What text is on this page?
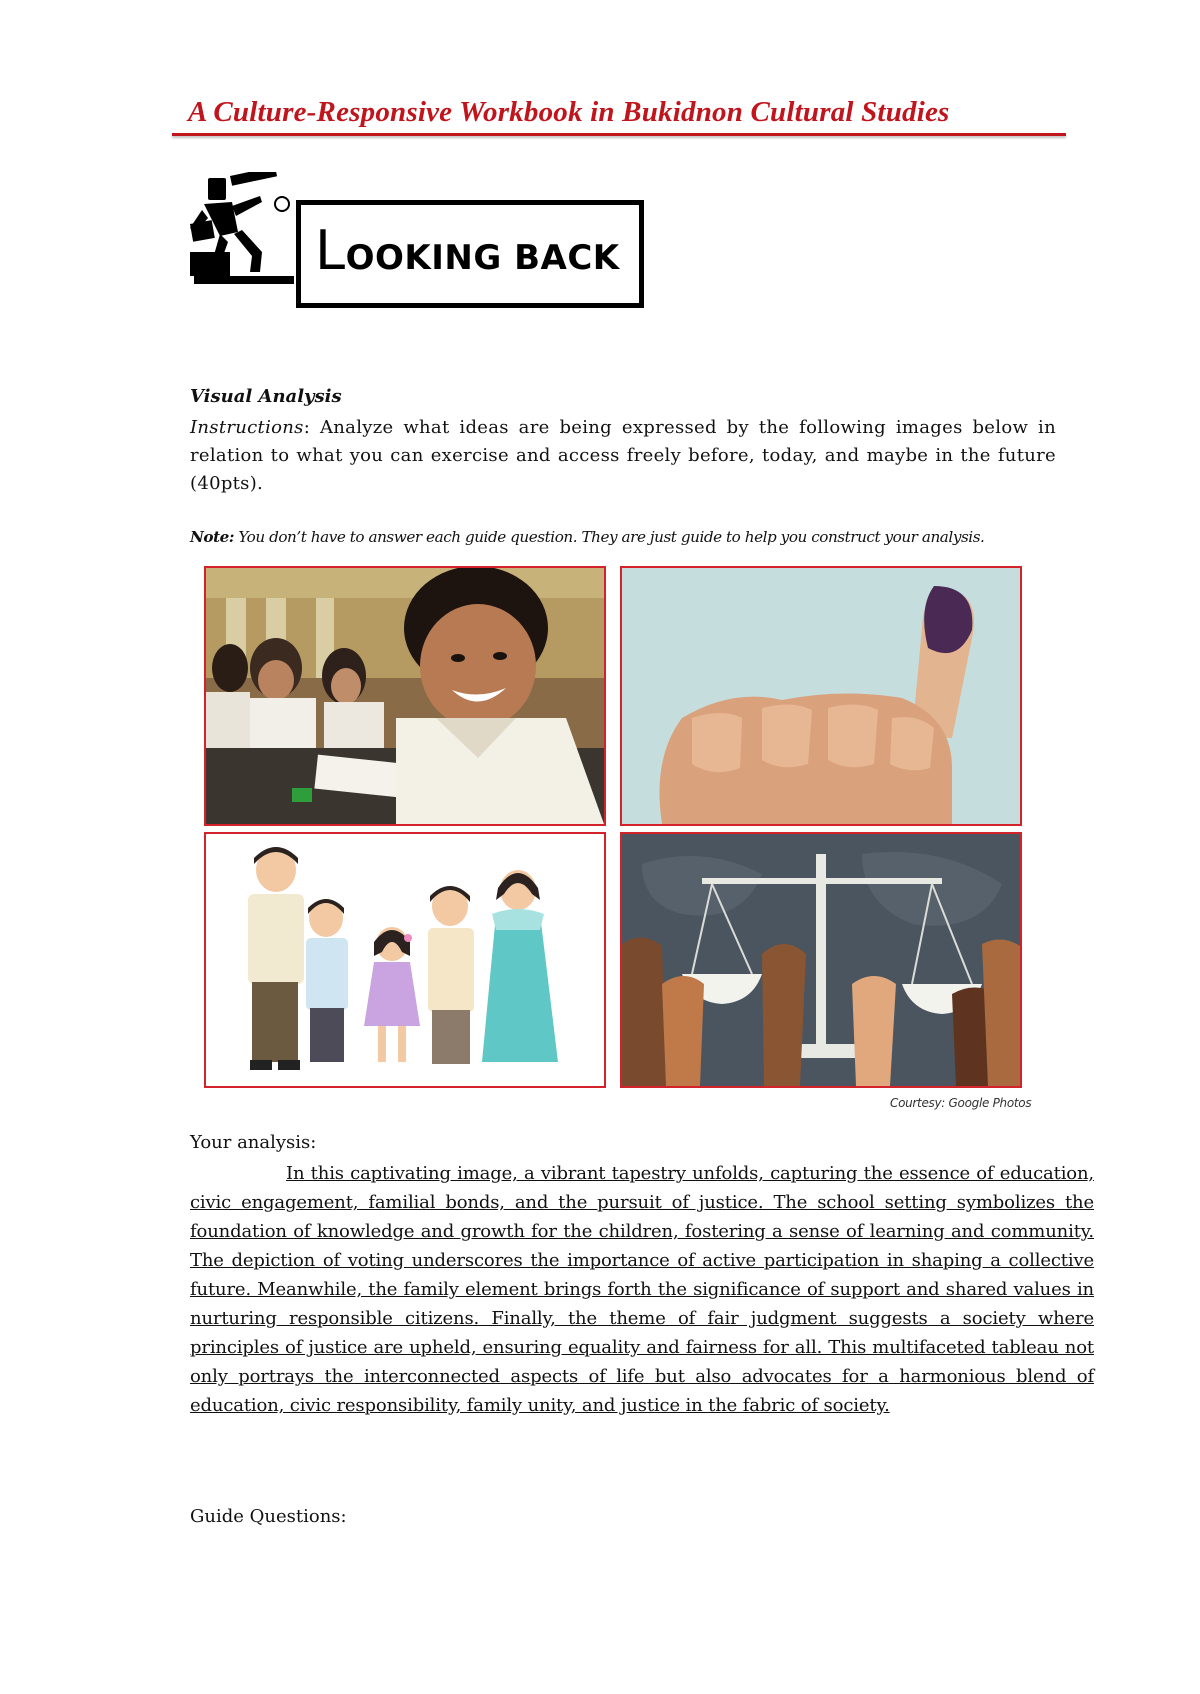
A Culture-Responsive Workbook in Bukidnon Cultural Studies
LOOKING BACK
Visual Analysis
Instructions: Analyze what ideas are being expressed by the following images below in relation to what you can exercise and access freely before, today, and maybe in the future (40pts).
Note: You don’t have to answer each guide question. They are just guide to help you construct your analysis.
Courtesy: Google Photos
Your analysis:
In this captivating image, a vibrant tapestry unfolds, capturing the essence of education, civic engagement, familial bonds, and the pursuit of justice. The school setting symbolizes the foundation of knowledge and growth for the children, fostering a sense of learning and community. The depiction of voting underscores the importance of active participation in shaping a collective future. Meanwhile, the family element brings forth the significance of support and shared values in nurturing responsible citizens. Finally, the theme of fair judgment suggests a society where principles of justice are upheld, ensuring equality and fairness for all. This multifaceted tableau not only portrays the interconnected aspects of life but also advocates for a harmonious blend of education, civic responsibility, family unity, and justice in the fabric of society.
Guide Questions:
